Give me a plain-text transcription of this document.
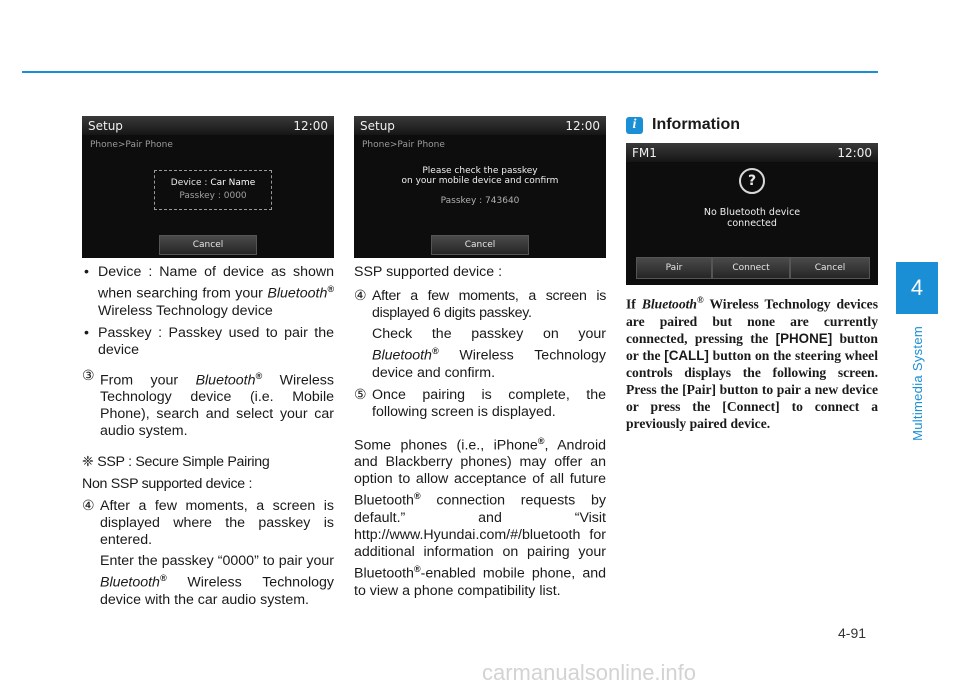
Setup	12:00
Phone>Pair Phone
Device : Car Name
Passkey : 0000
Cancel
• Device : Name of device as shown when searching from your Bluetooth® Wireless Technology device
• Passkey : Passkey used to pair the device
③ From your Bluetooth® Wireless Technology device (i.e. Mobile Phone), search and select your car audio system.
❈ SSP : Secure Simple Pairing
Non SSP supported device :
④ After a few moments, a screen is displayed where the passkey is entered.
Enter the passkey “0000” to pair your Bluetooth® Wireless Technology device with the car audio system.
Setup	12:00
Phone>Pair Phone
Please check the passkey
on your mobile device and confirm
Passkey : 743640
Cancel
SSP supported device :
④ After a few moments, a screen is displayed 6 digits passkey.
Check the passkey on your Bluetooth® Wireless Technology device and confirm.
⑤ Once pairing is complete, the following screen is displayed.
Some phones (i.e., iPhone®, Android and Blackberry phones) may offer an option to allow acceptance of all future Bluetooth® connection requests by default.” and “Visit http://www.Hyundai.com/#/bluetooth for additional information on pairing your Bluetooth®-enabled mobile phone, and to view a phone compatibility list.
i Information
FM1	12:00
?
No Bluetooth device
connected
Pair	Connect	Cancel
If Bluetooth® Wireless Technology devices are paired but none are currently connected, pressing the [PHONE] button or the [CALL] button on the steering wheel controls displays the following screen. Press the [Pair] button to pair a new device or press the [Connect] to connect a previously paired device.
4
Multimedia System
4-91
carmanualsonline.info
